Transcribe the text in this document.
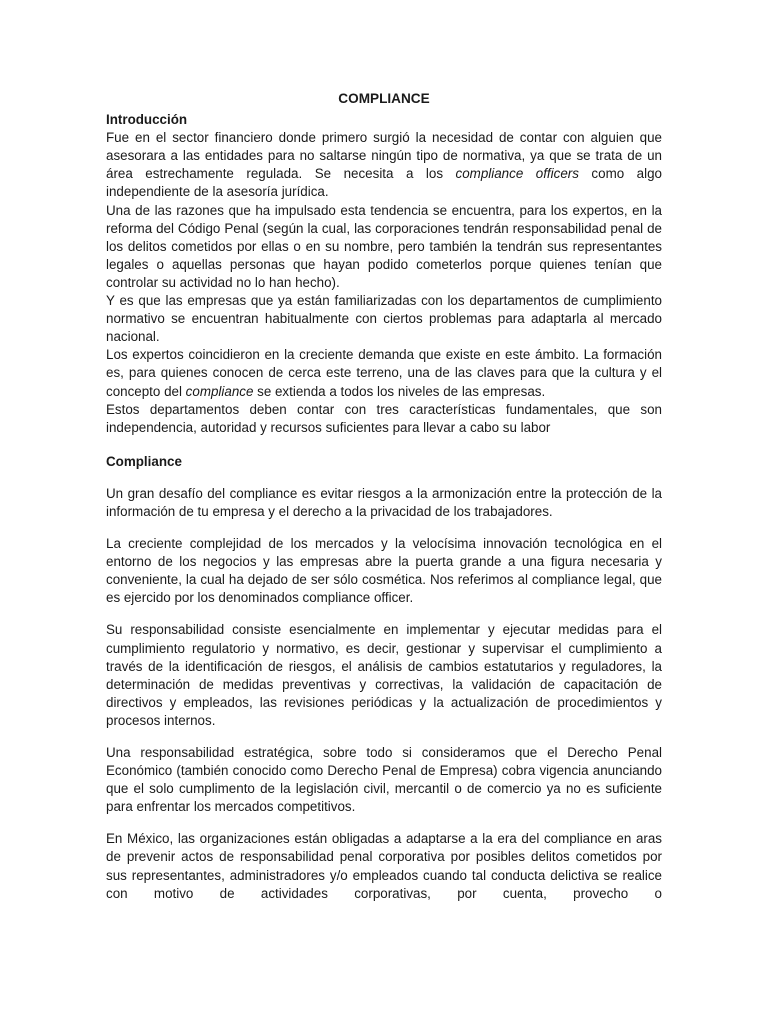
COMPLIANCE
Introducción

Fue en el sector financiero donde primero surgió la necesidad de contar con alguien que asesorara a las entidades para no saltarse ningún tipo de normativa, ya que se trata de un área estrechamente regulada. Se necesita a los compliance officers como algo independiente de la asesoría jurídica.

Una de las razones que ha impulsado esta tendencia se encuentra, para los expertos, en la reforma del Código Penal (según la cual, las corporaciones tendrán responsabilidad penal de los delitos cometidos por ellas o en su nombre, pero también la tendrán sus representantes legales o aquellas personas que hayan podido cometerlos porque quienes tenían que controlar su actividad no lo han hecho).

Y es que las empresas que ya están familiarizadas con los departamentos de cumplimiento normativo se encuentran habitualmente con ciertos problemas para adaptarla al mercado nacional.

Los expertos coincidieron en la creciente demanda que existe en este ámbito. La formación es, para quienes conocen de cerca este terreno, una de las claves para que la cultura y el concepto del compliance se extienda a todos los niveles de las empresas.

Estos departamentos deben contar con tres características fundamentales, que son independencia, autoridad y recursos suficientes para llevar a cabo su labor

Compliance

Un gran desafío del compliance es evitar riesgos a la armonización entre la protección de la información de tu empresa y el derecho a la privacidad de los trabajadores.

La creciente complejidad de los mercados y la velocísima innovación tecnológica en el entorno de los negocios y las empresas abre la puerta grande a una figura necesaria y conveniente, la cual ha dejado de ser sólo cosmética. Nos referimos al compliance legal, que es ejercido por los denominados compliance officer.

Su responsabilidad consiste esencialmente en implementar y ejecutar medidas para el cumplimiento regulatorio y normativo, es decir, gestionar y supervisar el cumplimiento a través de la identificación de riesgos, el análisis de cambios estatutarios y reguladores, la determinación de medidas preventivas y correctivas, la validación de capacitación de directivos y empleados, las revisiones periódicas y la actualización de procedimientos y procesos internos.

Una responsabilidad estratégica, sobre todo si consideramos que el Derecho Penal Económico (también conocido como Derecho Penal de Empresa) cobra vigencia anunciando que el solo cumplimento de la legislación civil, mercantil o de comercio ya no es suficiente para enfrentar los mercados competitivos.

En México, las organizaciones están obligadas a adaptarse a la era del compliance en aras de prevenir actos de responsabilidad penal corporativa por posibles delitos cometidos por sus representantes, administradores y/o empleados cuando tal conducta delictiva se realice con motivo de actividades corporativas, por cuenta, provecho o
